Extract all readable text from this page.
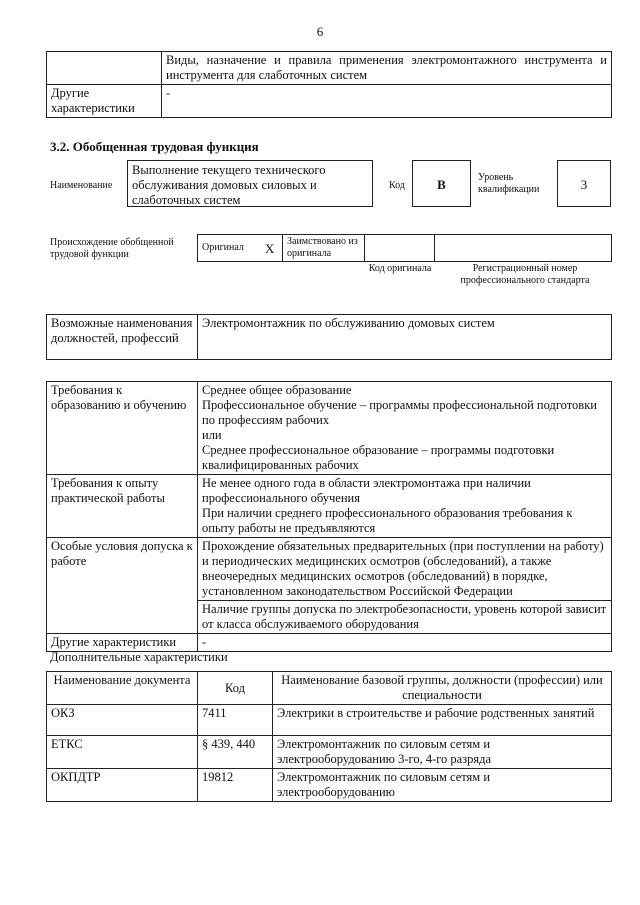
6
	Виды, назначение и правила применения электромонтажного инструмента и инструмента для слаботочных систем
Другие характеристики	-
3.2. Обобщенная трудовая функция
Наименование
Выполнение текущего технического обслуживания домовых силовых и слаботочных систем
Код	B	Уровень квалификации	3
Происхождение обобщенной трудовой функции
Оригинал	X	Заимствовано из оригинала		
Код оригинала	Регистрационный номер профессионального стандарта
Возможные наименования должностей, профессий	Электромонтажник по обслуживанию домовых систем
Требования к образованию и обучению	Среднее общее образование
Профессиональное обучение – программы профессиональной подготовки по профессиям рабочих
или
Среднее профессиональное образование – программы подготовки квалифицированных рабочих

Требования к опыту практической работы	Не менее одного года в области электромонтажа при наличии профессионального обучения
При наличии среднего профессионального образования требования к опыту работы не предъявляются

Особые условия допуска к работе	Прохождение обязательных предварительных (при поступлении на работу) и периодических медицинских осмотров (обследований), а также внеочередных медицинских осмотров (обследований) в порядке, установленном законодательством Российской Федерации
	Наличие группы допуска по электробезопасности, уровень которой зависит от класса обслуживаемого оборудования
Другие характеристики	-
Дополнительные характеристики
Наименование документа	Код	Наименование базовой группы, должности (профессии) или специальности
ОКЗ	7411	Электрики в строительстве и рабочие родственных занятий
ЕТКС	§ 439, 440	Электромонтажник по силовым сетям и электрооборудованию 3-го, 4-го разряда
ОКПДТР	19812	Электромонтажник по силовым сетям и электрооборудованию
